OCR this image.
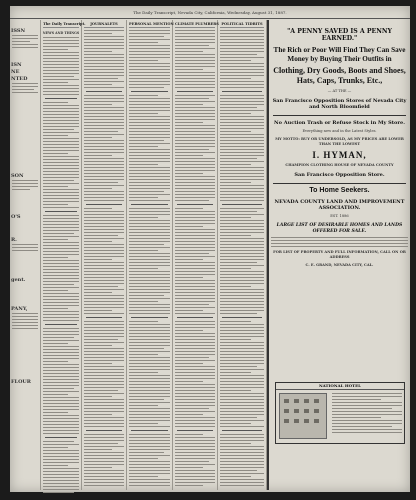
The Daily Transcript, Nevada City, California, Wednesday, August 31, 1887.
ISSN
ISN
NE
NTED
SON
O'S
R.
gent.
PANY,
FLOUR
The Daily Transcript.
NEWS AND THINGS
JOURNALETS	PERSONAL MENTION CLIMATE PLUMBERS POLITICAL TIDBITS
"A PENNY SAVED IS A PENNY EARNED."
The Rich or Poor Will Find They Can Save Money by Buying Their Outfits in
Clothing, Dry Goods, Boots and Shoes, Hats, Caps, Trunks, Etc.,
— AT THE —
San Francisco Opposition Stores of Nevada City and North Bloomfield
No Auction Trash or Refuse Stock in My Store.
Everything new and in the Latest Styles.
MY MOTTO: BUY OR UNDERSOLD, AS MY PRICES ARE LOWER THAN THE LOWEST
I. HYMAN,
CHAMPION CLOTHING HOUSE OF NEVADA COUNTY
San Francisco Opposition Store.
To Home Seekers.
NEVADA COUNTY LAND AND IMPROVEMENT ASSOCIATION.
EST. 1886
LARGE LIST OF DESIRABLE HOMES AND LANDS OFFERED FOR SALE.
FOR LIST OF PROPERTY AND FULL INFORMATION, CALL ON OR ADDRESS
C. E. GRAND, NEVADA CITY, CAL.
NATIONAL HOTEL
